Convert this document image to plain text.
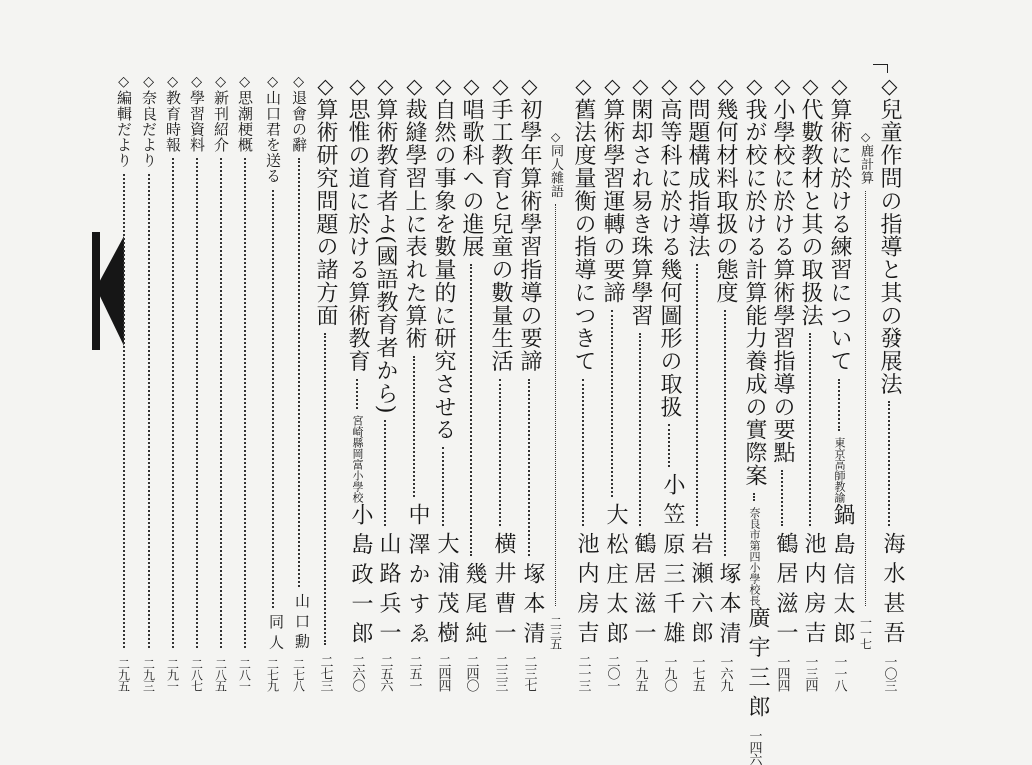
◇
兒童作問の指導と其の發展法
海水甚吾
一〇三
◇
鹿計算
一一七
◇
算術に於ける練習について
東京高師教諭
鍋島信太郎
一一八
◇
代數教材と其の取扱法
池内房吉
一三四
◇
小學校に於ける算術學習指導の要點
鶴居滋一
一四四
◇
我が校に於ける計算能力養成の實際案
奈良市第四小學校長
廣宇三郎
一四六
◇
幾何材料取扱の態度
塚本清
一六九
◇
問題構成指導法
岩瀬六郎
一七五
◇
高等科に於ける幾何圖形の取扱
小笠原三千雄
一九〇
◇
閑却され易き珠算學習
鶴居滋一
一九五
◇
算術學習運轉の要諦
大松庄太郎
二〇一
◇
舊法度量衡の指導につきて
池内房吉
二一三
◇
同人雜語
二三五
◇
初學年算術學習指導の要諦
塚本清
二三七
◇
手工教育と兒童の數量生活
横井曹一
二三三
◇
唱歌科への進展
幾尾純
二四〇
◇
自然の事象を數量的に研究させる
大浦茂樹
二四四
◇
裁縫學習上に表れた算術
中澤かすゑ
二五一
◇
算術教育者よ(國語教育者から)
山路兵一
二五六
◇
思惟の道に於ける算術教育
宮崎縣岡富小學校
小島政一郎
二六〇
◇
算術研究問題の諸方面
二七三
◇
退會の辭
山口勳
二七八
◇
山口君を送る
同人
二七九
◇
思潮梗概
二八一
◇
新刊紹介
二八五
◇
學習資料
二八七
◇
教育時報
二九一
◇
奈良だより
二九三
◇
編輯だより
二九五
